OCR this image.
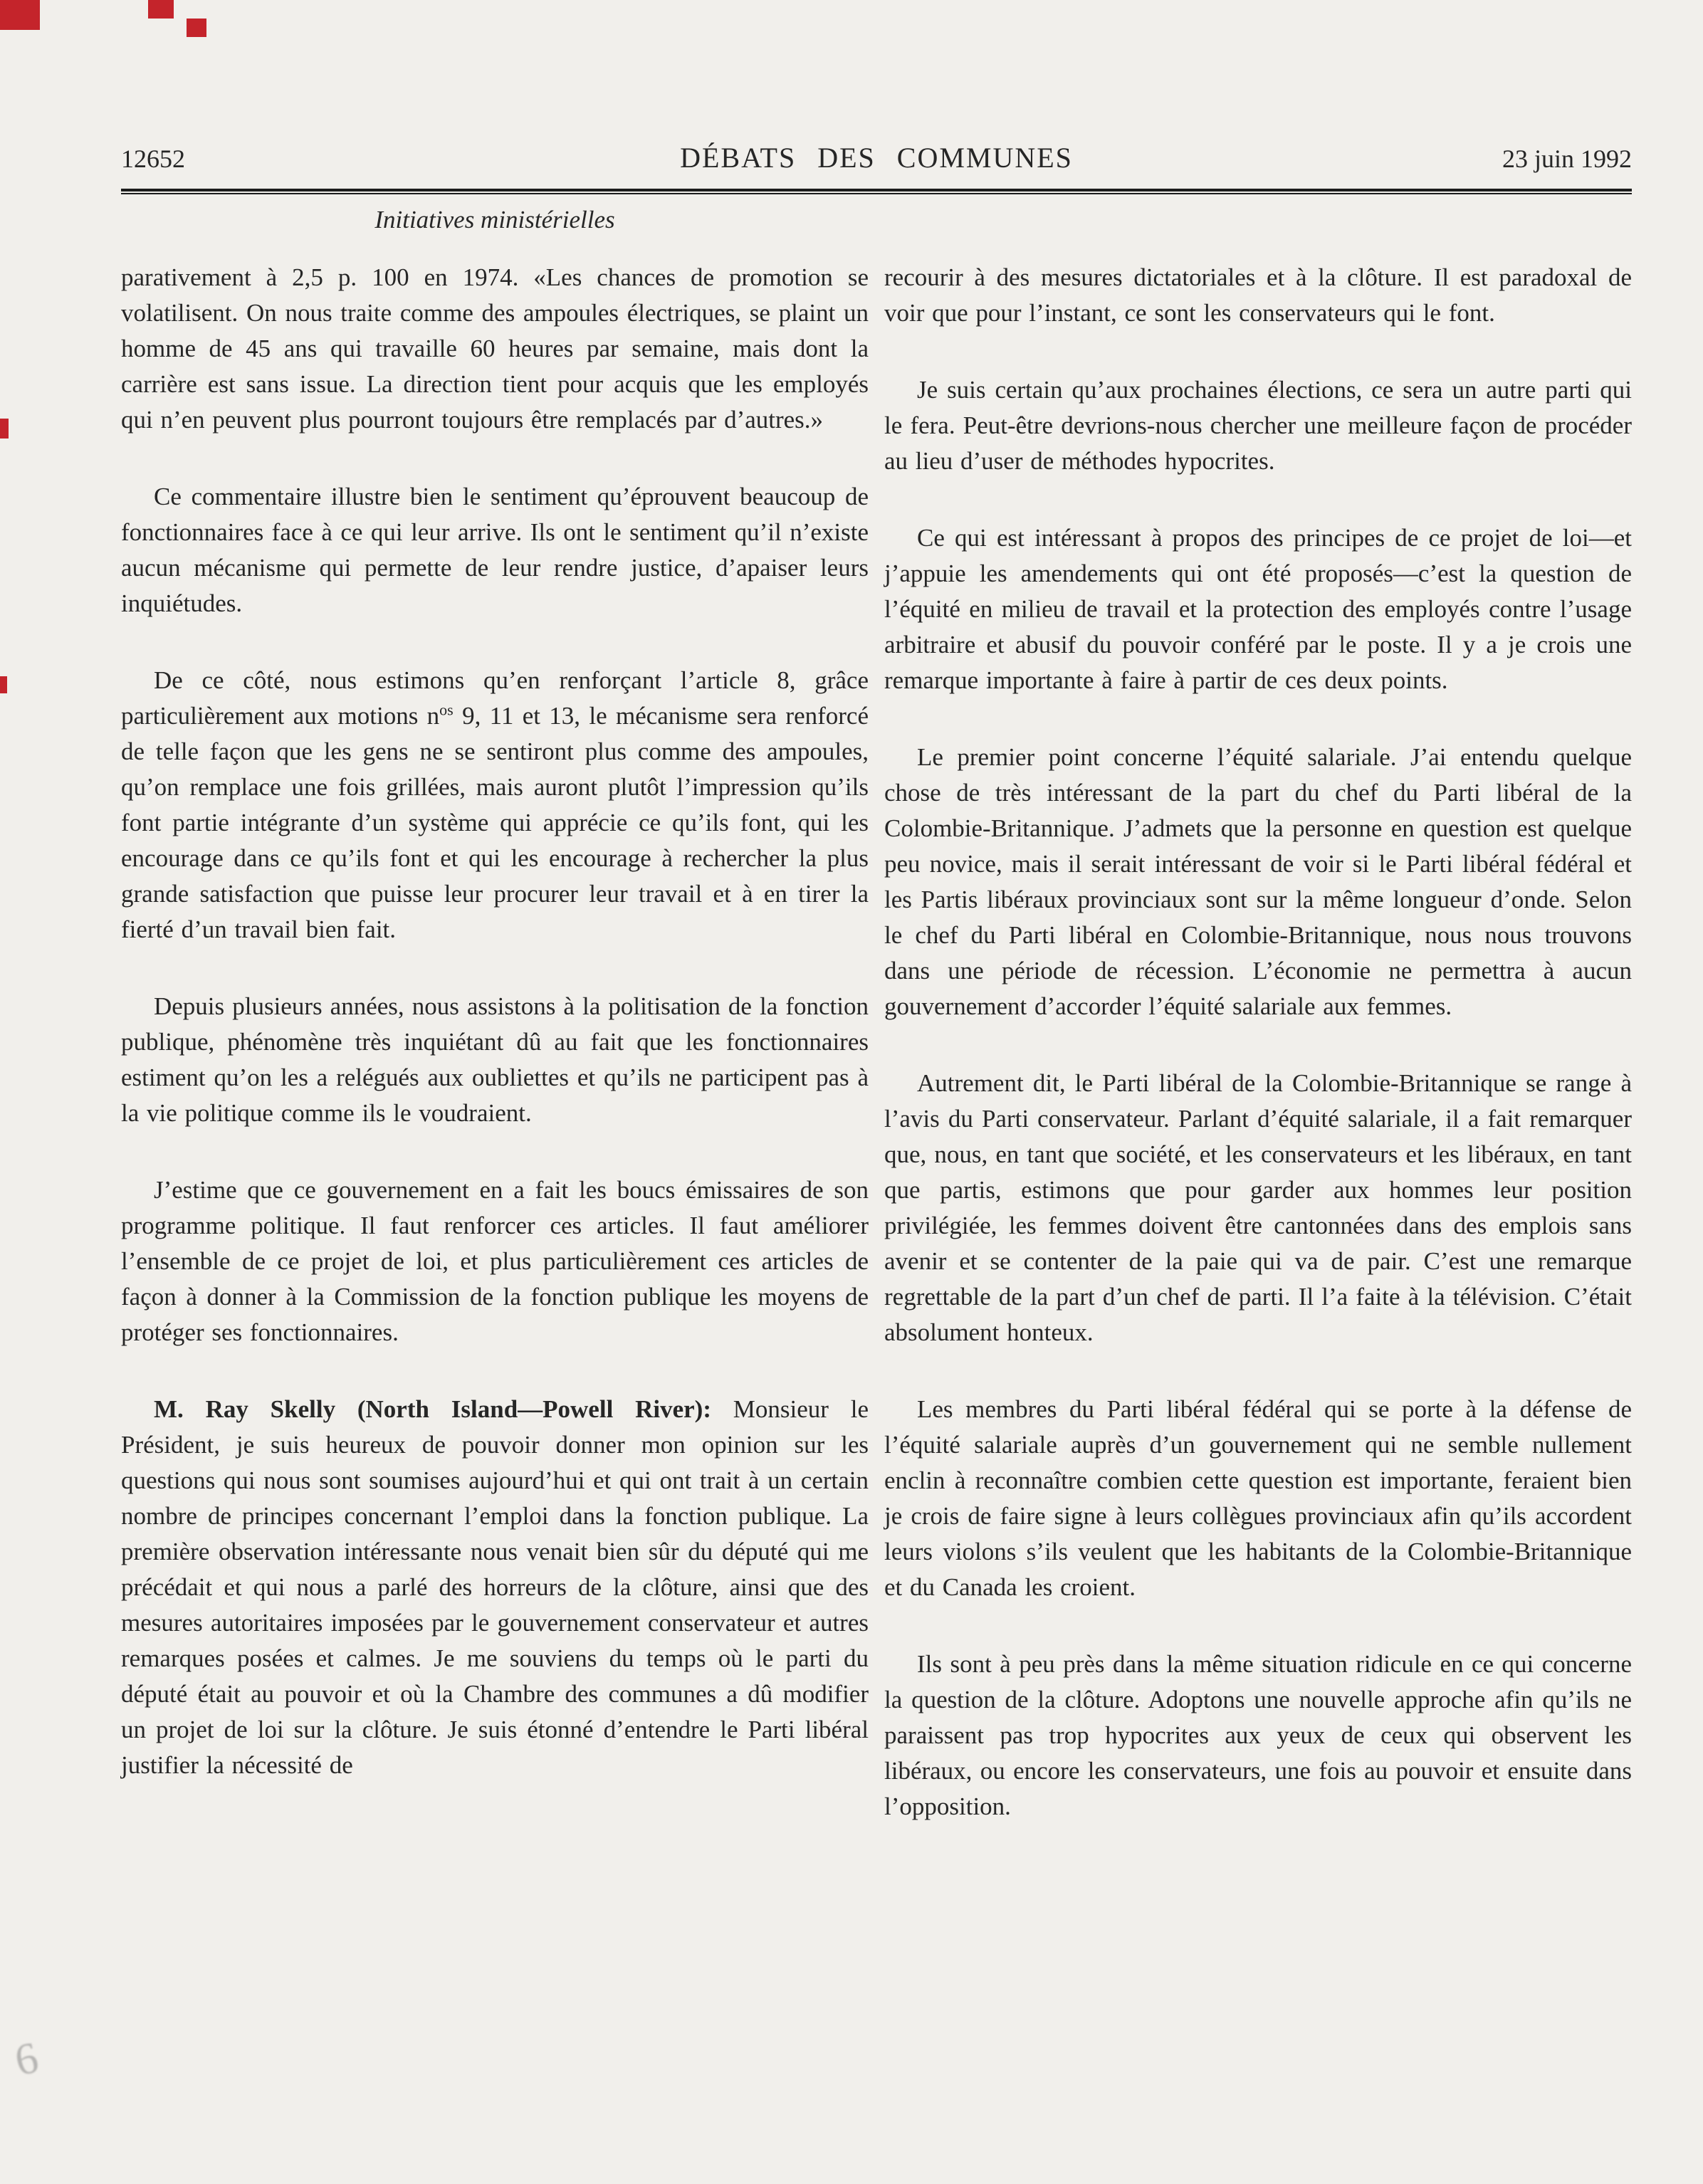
6
12652	DÉBATS DES COMMUNES	23 juin 1992
Initiatives ministérielles

parativement à 2,5 p. 100 en 1974. «Les chances de promotion se volatilisent. On nous traite comme des ampoules électriques, se plaint un homme de 45 ans qui travaille 60 heures par semaine, mais dont la carrière est sans issue. La direction tient pour acquis que les employés qui n’en peuvent plus pourront toujours être remplacés par d’autres.»

Ce commentaire illustre bien le sentiment qu’éprouvent beaucoup de fonctionnaires face à ce qui leur arrive. Ils ont le sentiment qu’il n’existe aucun mécanisme qui permette de leur rendre justice, d’apaiser leurs inquiétudes.

De ce côté, nous estimons qu’en renforçant l’article 8, grâce particulièrement aux motions $n^{os}$ 9, 11 et 13, le mécanisme sera renforcé de telle façon que les gens ne se sentiront plus comme des ampoules, qu’on remplace une fois grillées, mais auront plutôt l’impression qu’ils font partie intégrante d’un système qui apprécie ce qu’ils font, qui les encourage dans ce qu’ils font et qui les encourage à rechercher la plus grande satisfaction que puisse leur procurer leur travail et à en tirer la fierté d’un travail bien fait.

Depuis plusieurs années, nous assistons à la politisation de la fonction publique, phénomène très inquiétant dû au fait que les fonctionnaires estiment qu’on les a relégués aux oubliettes et qu’ils ne participent pas à la vie politique comme ils le voudraient.

J’estime que ce gouvernement en a fait les boucs émissaires de son programme politique. Il faut renforcer ces articles. Il faut améliorer l’ensemble de ce projet de loi, et plus particulièrement ces articles de façon à donner à la Commission de la fonction publique les moyens de protéger ses fonctionnaires.

M. Ray Skelly (North Island—Powell River): Monsieur le Président, je suis heureux de pouvoir donner mon opinion sur les questions qui nous sont soumises aujourd’hui et qui ont trait à un certain nombre de principes concernant l’emploi dans la fonction publique. La première observation intéressante nous venait bien sûr du député qui me précédait et qui nous a parlé des horreurs de la clôture, ainsi que des mesures autoritaires imposées par le gouvernement conservateur et autres remarques posées et calmes. Je me souviens du temps où le parti du député était au pouvoir et où la Chambre des communes a dû modifier un projet de loi sur la clôture. Je suis étonné d’entendre le Parti libéral justifier la nécessité de

recourir à des mesures dictatoriales et à la clôture. Il est paradoxal de voir que pour l’instant, ce sont les conservateurs qui le font.

Je suis certain qu’aux prochaines élections, ce sera un autre parti qui le fera. Peut-être devrions-nous chercher une meilleure façon de procéder au lieu d’user de méthodes hypocrites.

Ce qui est intéressant à propos des principes de ce projet de loi—et j’appuie les amendements qui ont été proposés—c’est la question de l’équité en milieu de travail et la protection des employés contre l’usage arbitraire et abusif du pouvoir conféré par le poste. Il y a je crois une remarque importante à faire à partir de ces deux points.

Le premier point concerne l’équité salariale. J’ai entendu quelque chose de très intéressant de la part du chef du Parti libéral de la Colombie-Britannique. J’admets que la personne en question est quelque peu novice, mais il serait intéressant de voir si le Parti libéral fédéral et les Partis libéraux provinciaux sont sur la même longueur d’onde. Selon le chef du Parti libéral en Colombie-Britannique, nous nous trouvons dans une période de récession. L’économie ne permettra à aucun gouvernement d’accorder l’équité salariale aux femmes.

Autrement dit, le Parti libéral de la Colombie-Britannique se range à l’avis du Parti conservateur. Parlant d’équité salariale, il a fait remarquer que, nous, en tant que société, et les conservateurs et les libéraux, en tant que partis, estimons que pour garder aux hommes leur position privilégiée, les femmes doivent être cantonnées dans des emplois sans avenir et se contenter de la paie qui va de pair. C’est une remarque regrettable de la part d’un chef de parti. Il l’a faite à la télévision. C’était absolument honteux.

Les membres du Parti libéral fédéral qui se porte à la défense de l’équité salariale auprès d’un gouvernement qui ne semble nullement enclin à reconnaître combien cette question est importante, feraient bien je crois de faire signe à leurs collègues provinciaux afin qu’ils accordent leurs violons s’ils veulent que les habitants de la Colombie-Britannique et du Canada les croient.

Ils sont à peu près dans la même situation ridicule en ce qui concerne la question de la clôture. Adoptons une nouvelle approche afin qu’ils ne paraissent pas trop hypocrites aux yeux de ceux qui observent les libéraux, ou encore les conservateurs, une fois au pouvoir et ensuite dans l’opposition.
